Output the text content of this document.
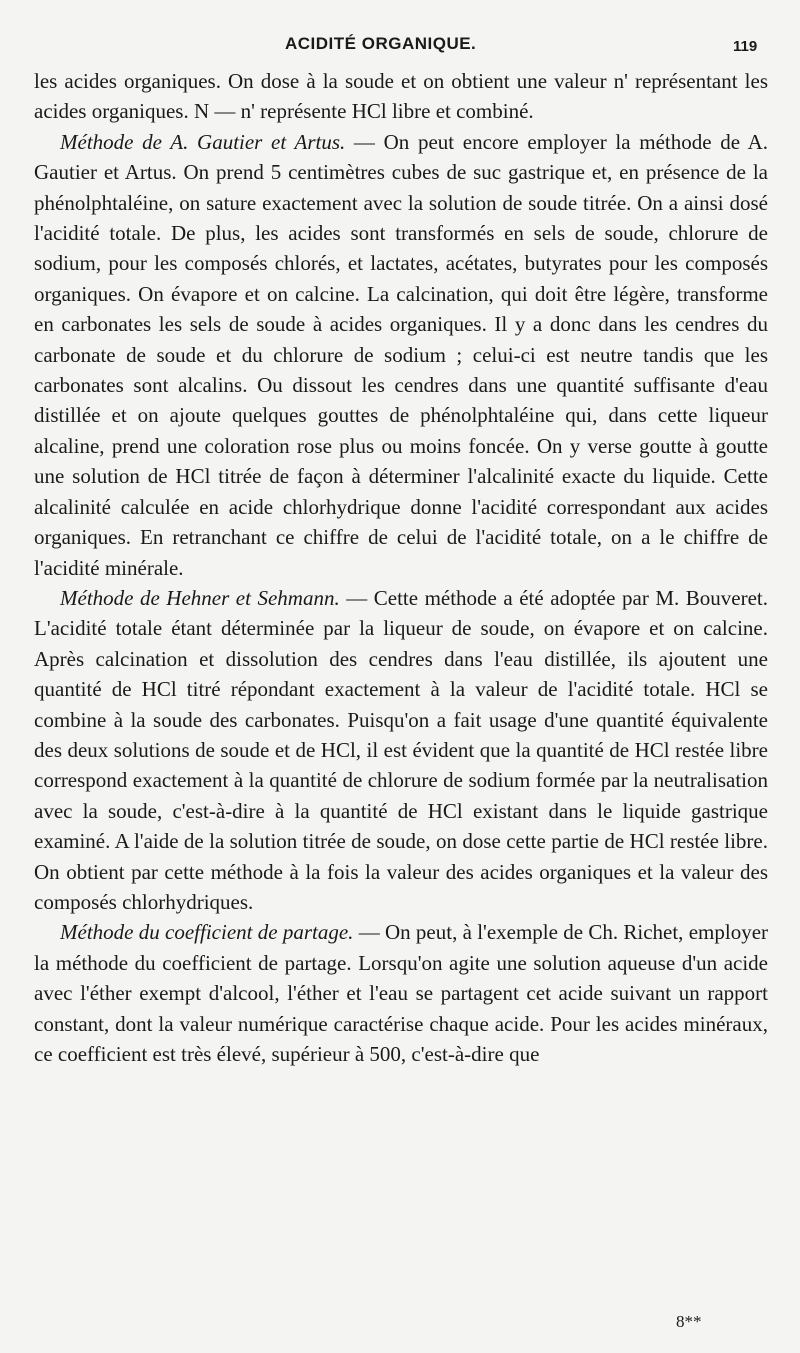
ACIDITÉ ORGANIQUE.	119

les acides organiques. On dose à la soude et on obtient une valeur n' représentant les acides organiques. N — n' représente HCl libre et combiné.

Méthode de A. Gautier et Artus. — On peut encore employer la méthode de A. Gautier et Artus. On prend 5 centimètres cubes de suc gastrique et, en présence de la phénolphtaléine, on sature exactement avec la solution de soude titrée. On a ainsi dosé l'acidité totale. De plus, les acides sont transformés en sels de soude, chlorure de sodium, pour les composés chlorés, et lactates, acétates, butyrates pour les composés organiques. On évapore et on calcine. La calcination, qui doit être légère, transforme en carbonates les sels de soude à acides organiques. Il y a donc dans les cendres du carbonate de soude et du chlorure de sodium ; celui-ci est neutre tandis que les carbonates sont alcalins. Ou dissout les cendres dans une quantité suffisante d'eau distillée et on ajoute quelques gouttes de phénolphtaléine qui, dans cette liqueur alcaline, prend une coloration rose plus ou moins foncée. On y verse goutte à goutte une solution de HCl titrée de façon à déterminer l'alcalinité exacte du liquide. Cette alcalinité calculée en acide chlorhydrique donne l'acidité correspondant aux acides organiques. En retranchant ce chiffre de celui de l'acidité totale, on a le chiffre de l'acidité minérale.

Méthode de Hehner et Sehmann. — Cette méthode a été adoptée par M. Bouveret. L'acidité totale étant déterminée par la liqueur de soude, on évapore et on calcine. Après calcination et dissolution des cendres dans l'eau distillée, ils ajoutent une quantité de HCl titré répondant exactement à la valeur de l'acidité totale. HCl se combine à la soude des carbonates. Puisqu'on a fait usage d'une quantité équivalente des deux solutions de soude et de HCl, il est évident que la quantité de HCl restée libre correspond exactement à la quantité de chlorure de sodium formée par la neutralisation avec la soude, c'est-à-dire à la quantité de HCl existant dans le liquide gastrique examiné. A l'aide de la solution titrée de soude, on dose cette partie de HCl restée libre. On obtient par cette méthode à la fois la valeur des acides organiques et la valeur des composés chlorhydriques.

Méthode du coefficient de partage. — On peut, à l'exemple de Ch. Richet, employer la méthode du coefficient de partage. Lorsqu'on agite une solution aqueuse d'un acide avec l'éther exempt d'alcool, l'éther et l'eau se partagent cet acide suivant un rapport constant, dont la valeur numérique caractérise chaque acide. Pour les acides minéraux, ce coefficient est très élevé, supérieur à 500, c'est-à-dire que

8**
